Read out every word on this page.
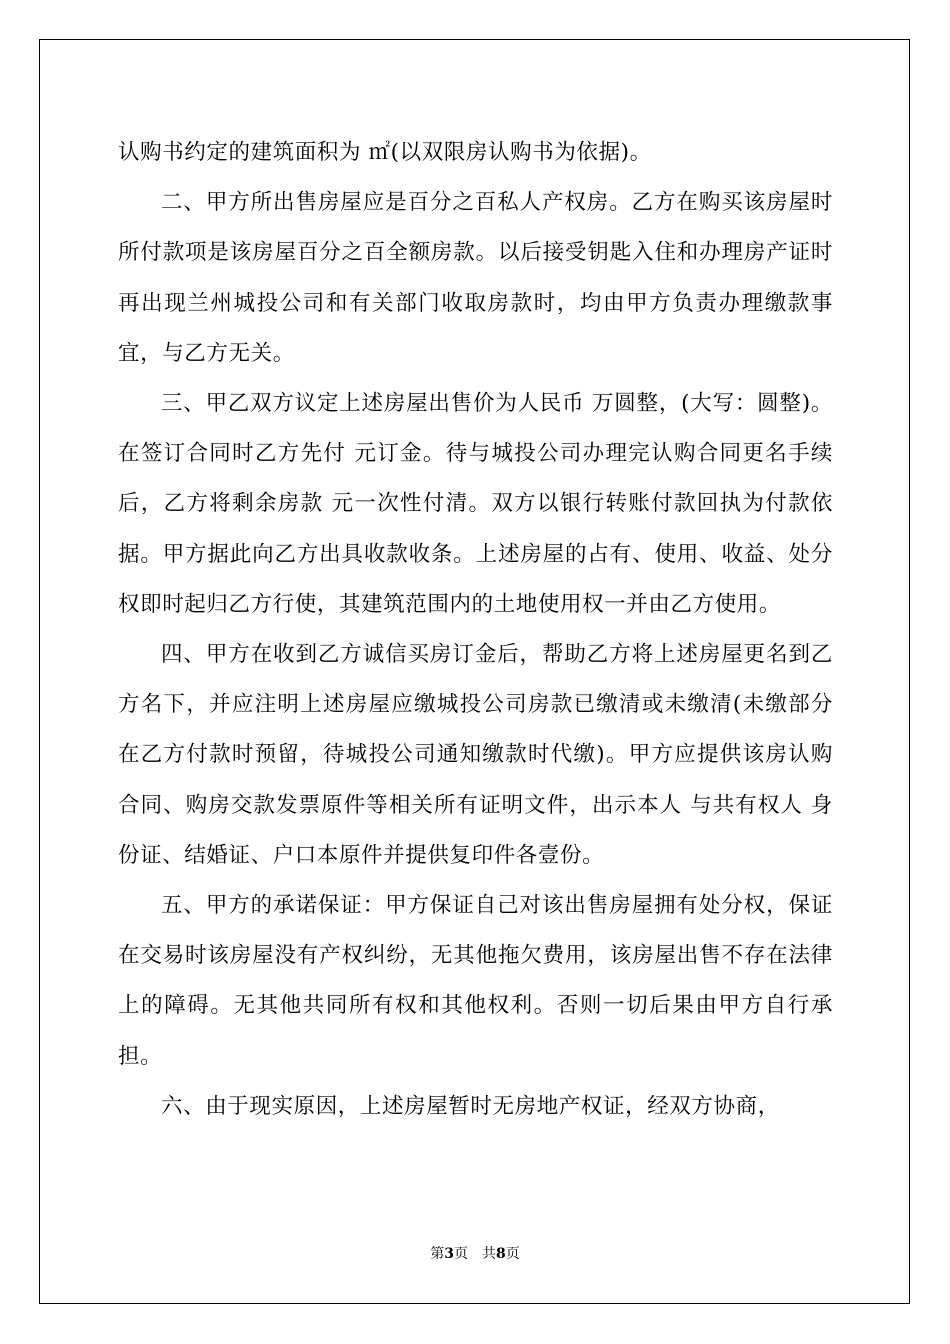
认购书约定的建筑面积为 ㎡(以双限房认购书为依据)。

二、甲方所出售房屋应是百分之百私人产权房。乙方在购买该房屋时所付款项是该房屋百分之百全额房款。以后接受钥匙入住和办理房产证时再出现兰州城投公司和有关部门收取房款时，均由甲方负责办理缴款事宜，与乙方无关。

三、甲乙双方议定上述房屋出售价为人民币 万圆整，(大写：圆整)。在签订合同时乙方先付 元订金。待与城投公司办理完认购合同更名手续后，乙方将剩余房款 元一次性付清。双方以银行转账付款回执为付款依据。甲方据此向乙方出具收款收条。上述房屋的占有、使用、收益、处分权即时起归乙方行使，其建筑范围内的土地使用权一并由乙方使用。

四、甲方在收到乙方诚信买房订金后，帮助乙方将上述房屋更名到乙方名下，并应注明上述房屋应缴城投公司房款已缴清或未缴清(未缴部分在乙方付款时预留，待城投公司通知缴款时代缴)。甲方应提供该房认购合同、购房交款发票原件等相关所有证明文件，出示本人 与共有权人 身份证、结婚证、户口本原件并提供复印件各壹份。

五、甲方的承诺保证：甲方保证自己对该出售房屋拥有处分权，保证在交易时该房屋没有产权纠纷，无其他拖欠费用，该房屋出售不存在法律上的障碍。无其他共同所有权和其他权利。否则一切后果由甲方自行承担。

六、由于现实原因，上述房屋暂时无房地产权证，经双方协商，

第3页　共8页
